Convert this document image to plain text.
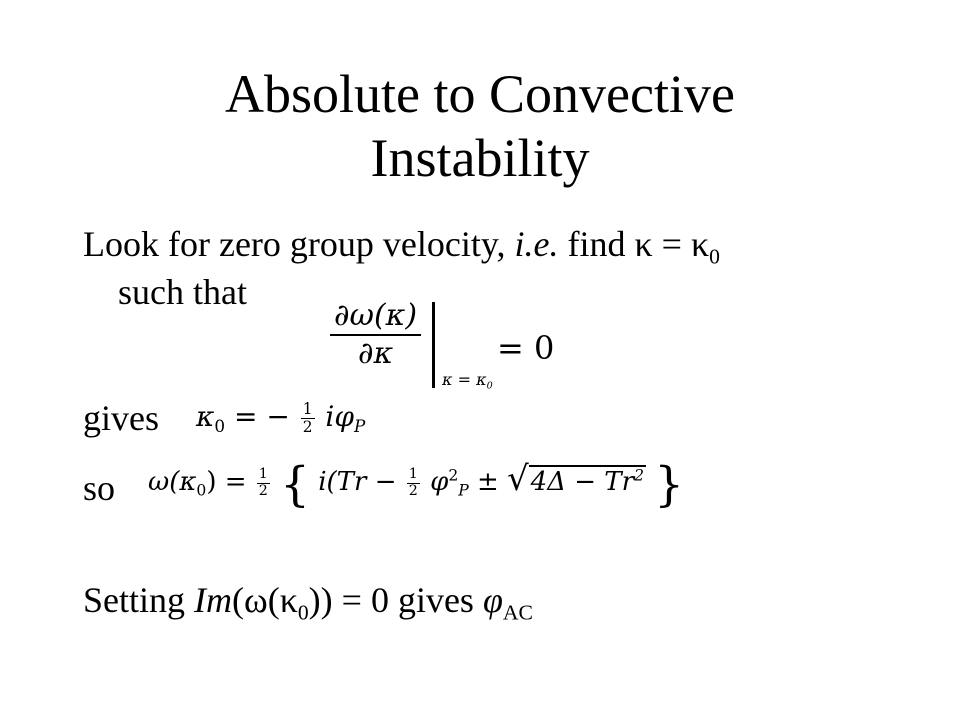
Absolute to Convective
Instability
Look for zero group velocity, i.e. find $\kappa = \kappa_0$
such that
$\frac{\partial\omega(\kappa)}{\partial\kappa}$
$\kappa = \kappa_0$
= 0
gives $\kappa_0$ = − $\frac{1}{2} i\varphi_P$
so $\omega(\kappa_0) = \frac{1}{2}$ { $i(Tr - \frac{1}{2} \varphi^2_P$ ± √ $4\Delta - Tr^2$ }
Setting $Im(\omega(\kappa_0)) = 0$ gives $\varphi_{AC}$
